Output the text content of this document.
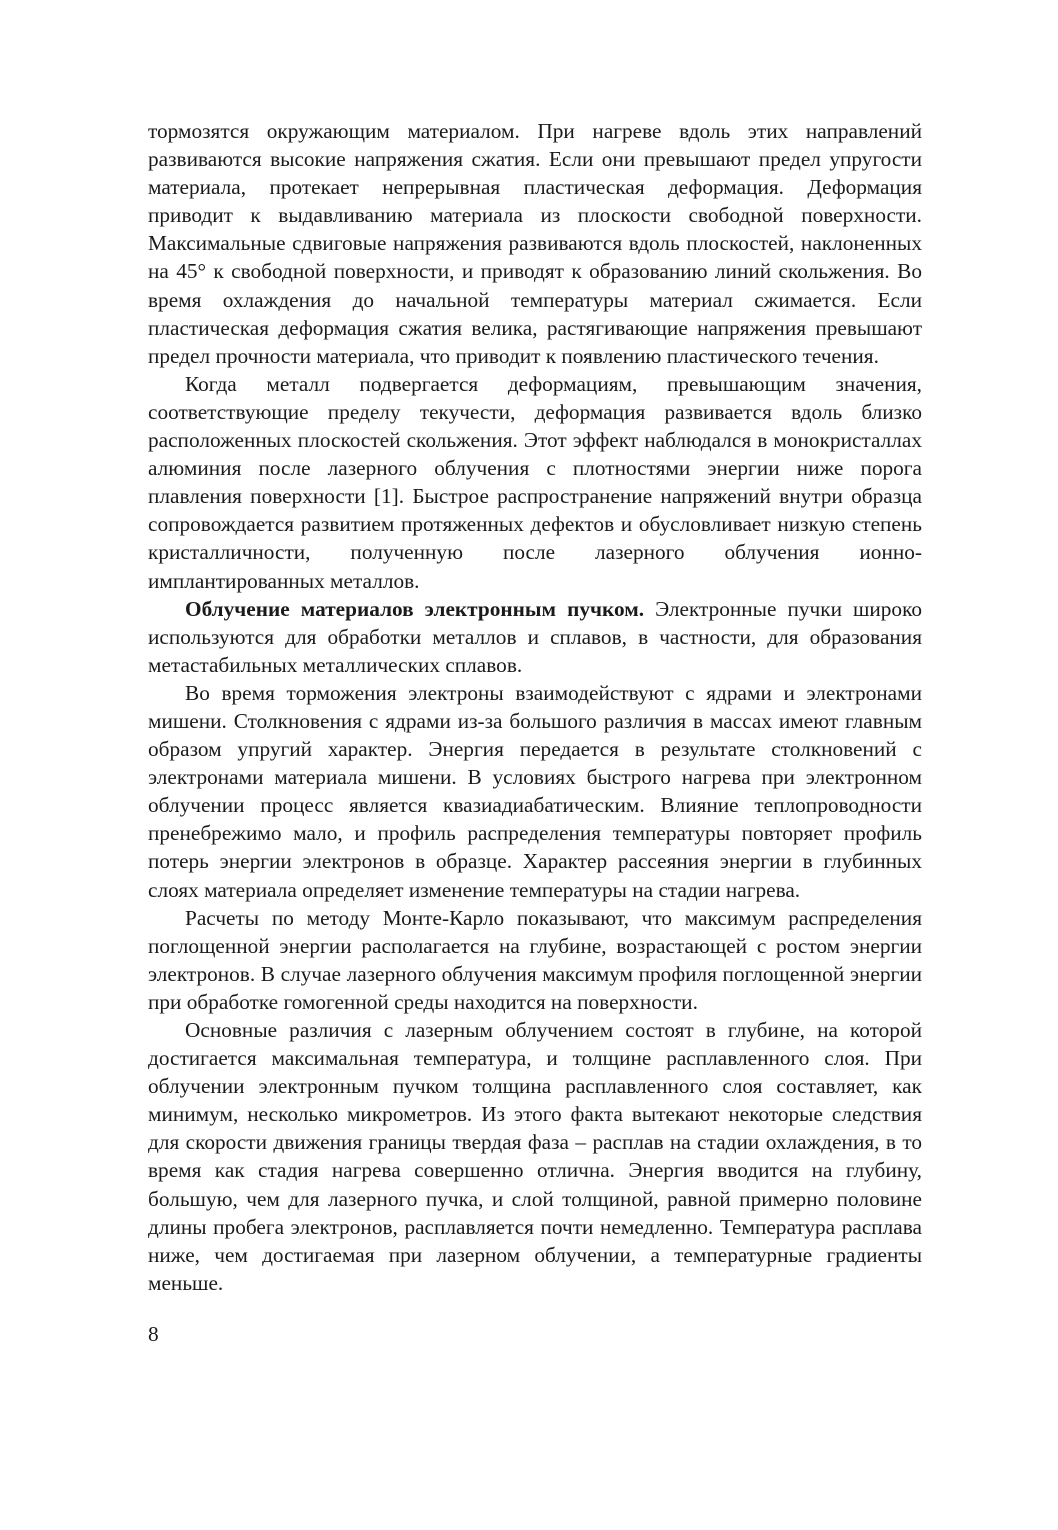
тормозятся окружающим материалом. При нагреве вдоль этих направлений развиваются высокие напряжения сжатия. Если они превышают предел упругости материала, протекает непрерывная пластическая деформация. Деформация приводит к выдавливанию материала из плоскости свободной поверхности. Максимальные сдвиговые напряжения развиваются вдоль плоскостей, наклоненных на 45° к свободной поверхности, и приводят к образованию линий скольжения. Во время охлаждения до начальной температуры материал сжимается. Если пластическая деформация сжатия велика, растягивающие напряжения превышают предел прочности материала, что приводит к появлению пластического течения.

Когда металл подвергается деформациям, превышающим значения, соответствующие пределу текучести, деформация развивается вдоль близко расположенных плоскостей скольжения. Этот эффект наблюдался в монокристаллах алюминия после лазерного облучения с плотностями энергии ниже порога плавления поверхности [1]. Быстрое распространение напряжений внутри образца сопровождается развитием протяженных дефектов и обусловливает низкую степень кристалличности, полученную после лазерного облучения ионно-имплантированных металлов.

Облучение материалов электронным пучком. Электронные пучки широко используются для обработки металлов и сплавов, в частности, для образования метастабильных металлических сплавов.

Во время торможения электроны взаимодействуют с ядрами и электронами мишени. Столкновения с ядрами из-за большого различия в массах имеют главным образом упругий характер. Энергия передается в результате столкновений с электронами материала мишени. В условиях быстрого нагрева при электронном облучении процесс является квазиадиабатическим. Влияние теплопроводности пренебрежимо мало, и профиль распределения температуры повторяет профиль потерь энергии электронов в образце. Характер рассеяния энергии в глубинных слоях материала определяет изменение температуры на стадии нагрева.

Расчеты по методу Монте-Карло показывают, что максимум распределения поглощенной энергии располагается на глубине, возрастающей с ростом энергии электронов. В случае лазерного облучения максимум профиля поглощенной энергии при обработке гомогенной среды находится на поверхности.

Основные различия с лазерным облучением состоят в глубине, на которой достигается максимальная температура, и толщине расплавленного слоя. При облучении электронным пучком толщина расплавленного слоя составляет, как минимум, несколько микрометров. Из этого факта вытекают некоторые следствия для скорости движения границы твердая фаза – расплав на стадии охлаждения, в то время как стадия нагрева совершенно отлична. Энергия вводится на глубину, большую, чем для лазерного пучка, и слой толщиной, равной примерно половине длины пробега электронов, расплавляется почти немедленно. Температура расплава ниже, чем достигаемая при лазерном облучении, а температурные градиенты меньше.

8
